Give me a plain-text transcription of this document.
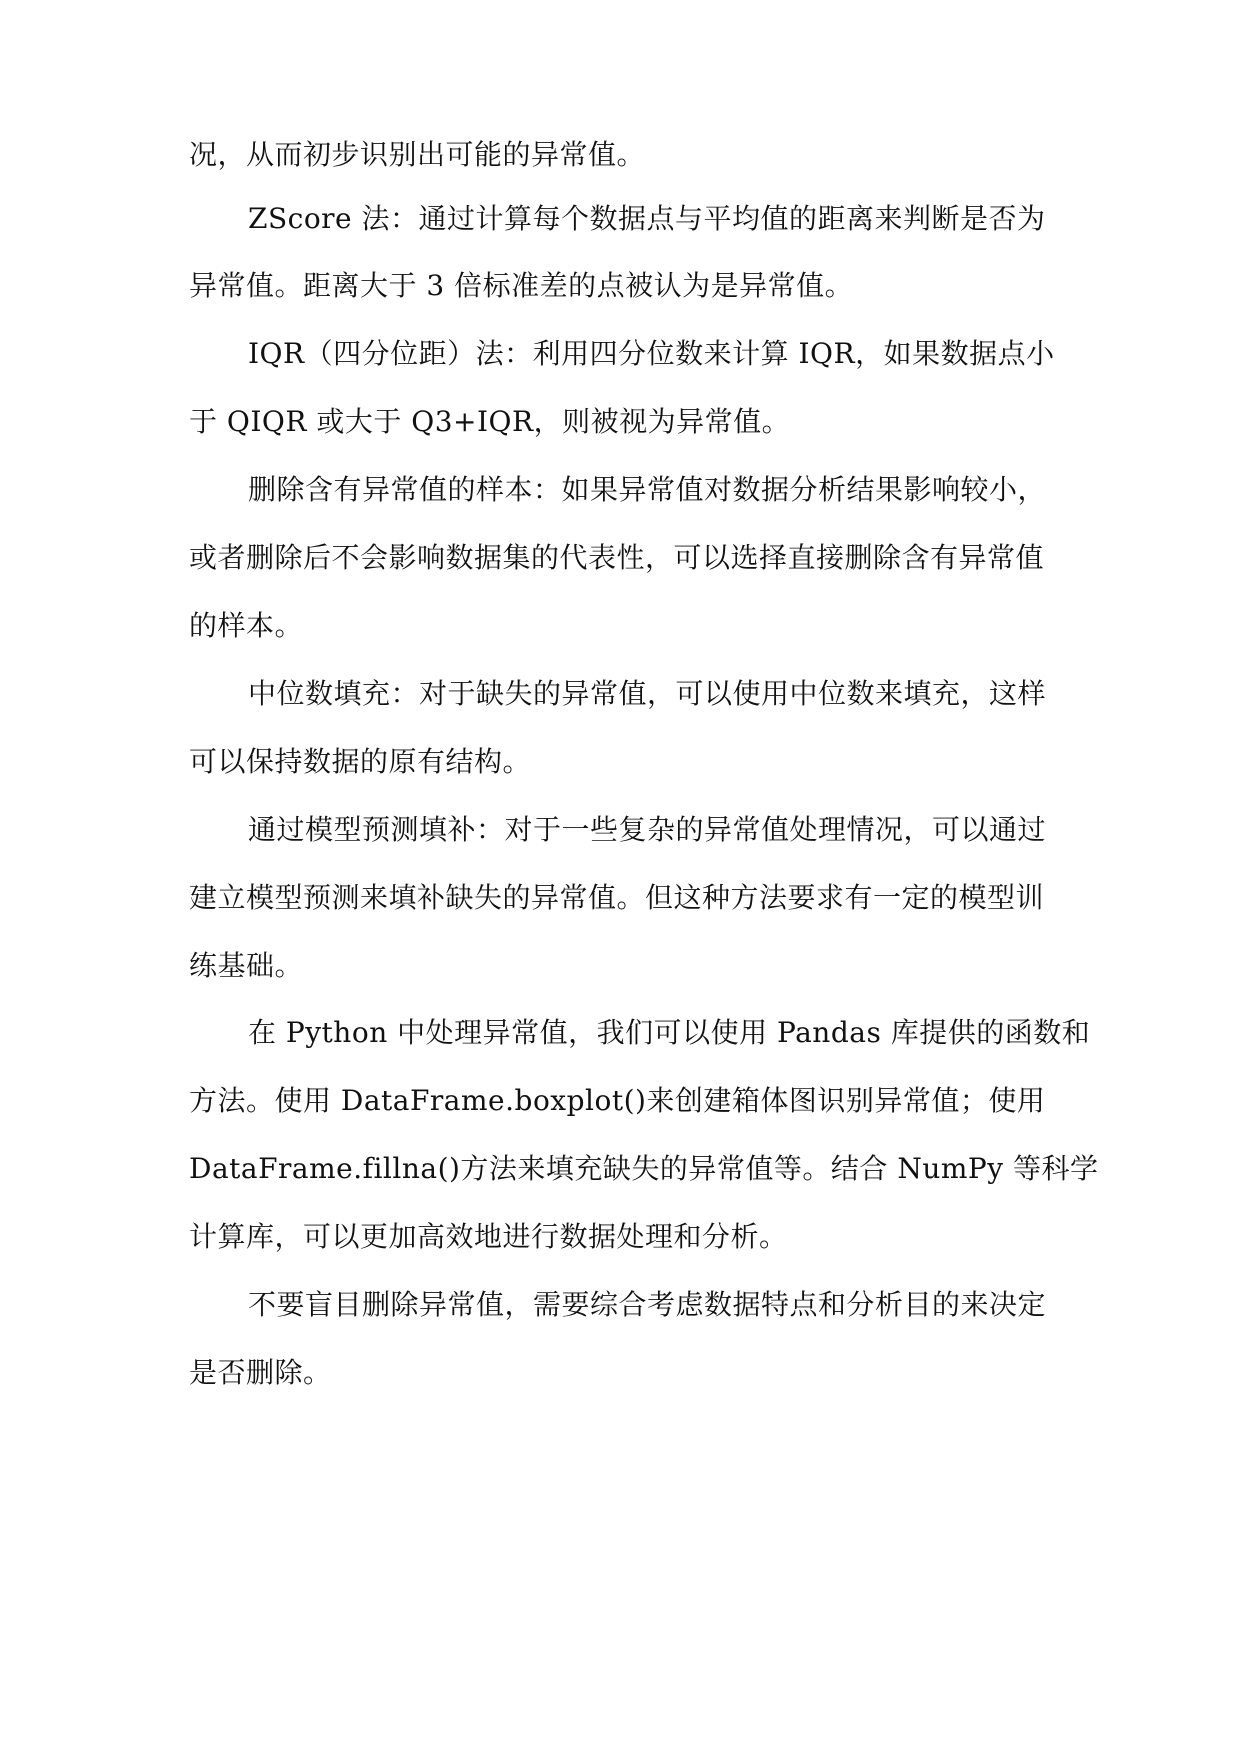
况，从而初步识别出可能的异常值。
ZScore 法：通过计算每个数据点与平均值的距离来判断是否为
异常值。距离大于 3 倍标准差的点被认为是异常值。
IQR（四分位距）法：利用四分位数来计算 IQR，如果数据点小
于 QIQR 或大于 Q3+IQR，则被视为异常值。
删除含有异常值的样本：如果异常值对数据分析结果影响较小，
或者删除后不会影响数据集的代表性，可以选择直接删除含有异常值
的样本。
中位数填充：对于缺失的异常值，可以使用中位数来填充，这样
可以保持数据的原有结构。
通过模型预测填补：对于一些复杂的异常值处理情况，可以通过
建立模型预测来填补缺失的异常值。但这种方法要求有一定的模型训
练基础。
在 Python 中处理异常值，我们可以使用 Pandas 库提供的函数和
方法。使用 DataFrame.boxplot()来创建箱体图识别异常值；使用
DataFrame.fillna()方法来填充缺失的异常值等。结合 NumPy 等科学
计算库，可以更加高效地进行数据处理和分析。
不要盲目删除异常值，需要综合考虑数据特点和分析目的来决定
是否删除。
